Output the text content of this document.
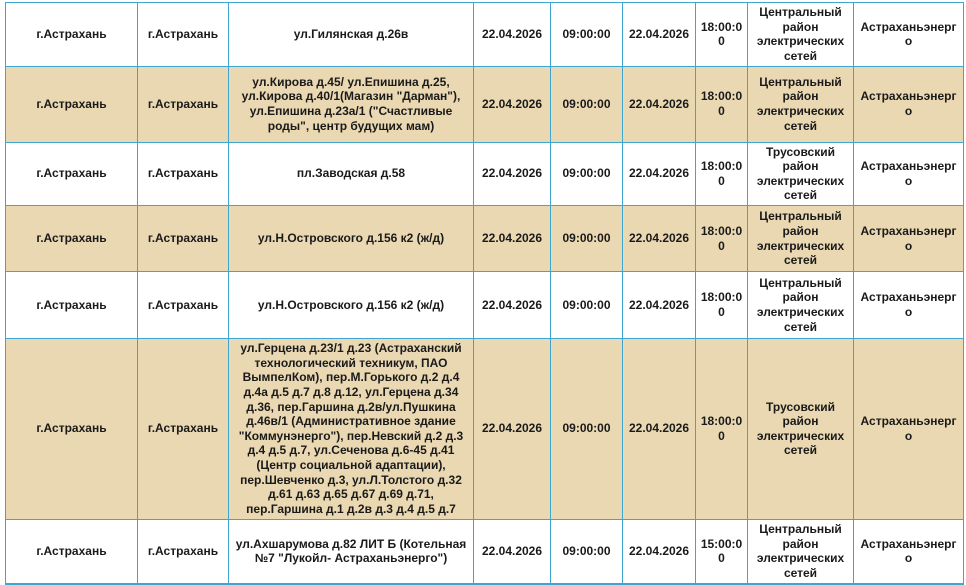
г.Астрахань	г.Астрахань	ул.Гилянская д.26в	22.04.2026	09:00:00	22.04.2026	18:00:00	Центральный район электрических сетей	Астраханьэнерго
г.Астрахань	г.Астрахань	ул.Кирова д.45/ ул.Епишина д.25, ул.Кирова д.40/1(Магазин "Дарман"), ул.Епишина д.23а/1 ("Счастливые роды", центр будущих мам)	22.04.2026	09:00:00	22.04.2026	18:00:00	Центральный район электрических сетей	Астраханьэнерго
г.Астрахань	г.Астрахань	пл.Заводская д.58	22.04.2026	09:00:00	22.04.2026	18:00:00	Трусовский район электрических сетей	Астраханьэнерго
г.Астрахань	г.Астрахань	ул.Н.Островского д.156 к2 (ж/д)	22.04.2026	09:00:00	22.04.2026	18:00:00	Центральный район электрических сетей	Астраханьэнерго
г.Астрахань	г.Астрахань	ул.Н.Островского д.156 к2 (ж/д)	22.04.2026	09:00:00	22.04.2026	18:00:00	Центральный район электрических сетей	Астраханьэнерго
г.Астрахань	г.Астрахань	ул.Герцена д.23/1 д.23 (Астраханский технологический техникум, ПАО ВымпелКом), пер.М.Горького д.2 д.4 д.4а д.5 д.7 д.8 д.12, ул.Герцена д.34 д.36, пер.Гаршина д.2в/ул.Пушкина д.46в/1 (Административное здание "Коммунэнерго"), пер.Невский д.2 д.3 д.4 д.5 д.7, ул.Сеченова д.6-45 д.41 (Центр социальной адаптации), пер.Шевченко д.3, ул.Л.Толстого д.32 д.61 д.63 д.65 д.67 д.69 д.71, пер.Гаршина д.1 д.2в д.3 д.4 д.5 д.7	22.04.2026	09:00:00	22.04.2026	18:00:00	Трусовский район электрических сетей	Астраханьэнерго
г.Астрахань	г.Астрахань	ул.Ахшарумова д.82 ЛИТ Б (Котельная №7 "Лукойл- Астраханьэнерго")	22.04.2026	09:00:00	22.04.2026	15:00:00	Центральный район электрических сетей	Астраханьэнерго
